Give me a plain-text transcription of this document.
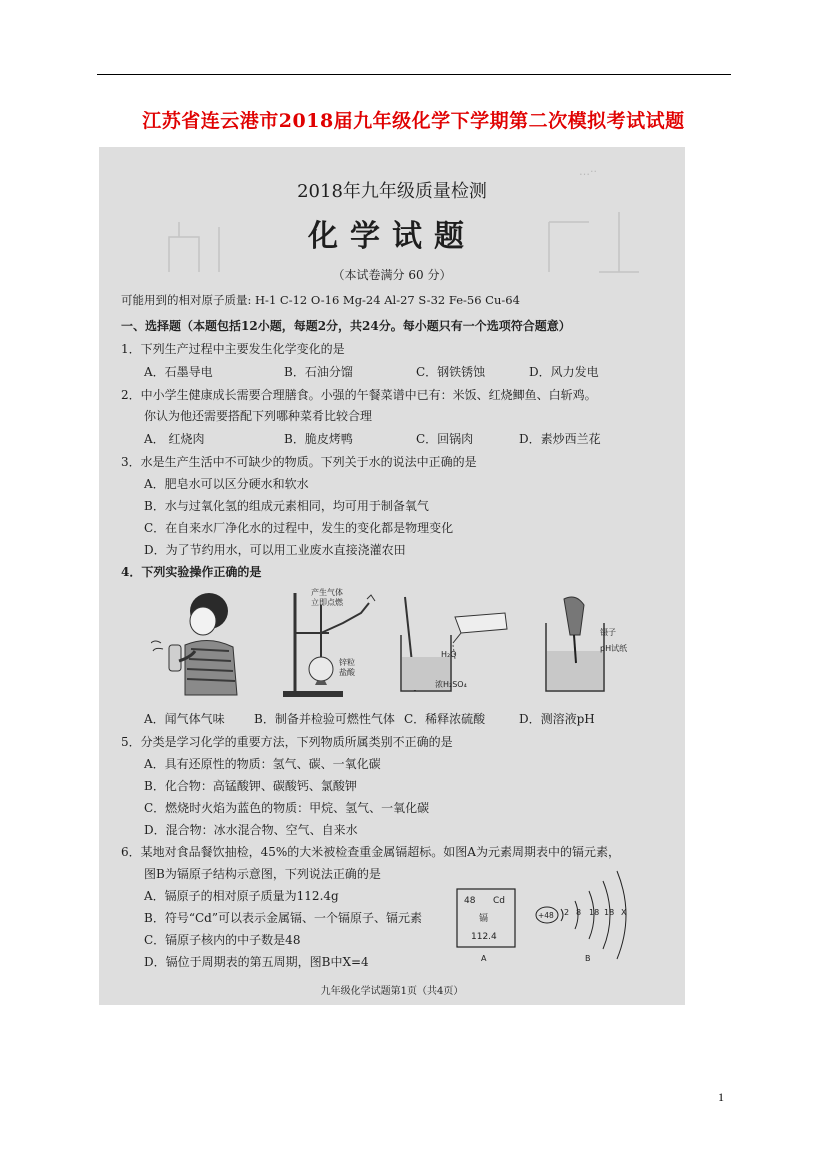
江苏省连云港市2018届九年级化学下学期第二次模拟考试试题
…··
2018年九年级质量检测
化学试题
（本试卷满分 60 分）
可能用到的相对原子质量: H-1 C-12 O-16 Mg-24 Al-27 S-32 Fe-56 Cu-64
一、选择题（本题包括12小题，每题2分，共24分。每小题只有一个选项符合题意）
1．下列生产过程中主要发生化学变化的是
A．石墨导电	B．石油分馏	C．钢铁锈蚀	D．风力发电
2．中小学生健康成长需要合理膳食。小强的午餐菜谱中已有：米饭、红烧鲫鱼、白斩鸡。
你认为他还需要搭配下列哪种菜肴比较合理
A． 红烧肉	B．脆皮烤鸭	C．回锅肉	D．素炒西兰花
3．水是生产生活中不可缺少的物质。下列关于水的说法中正确的是
A．肥皂水可以区分硬水和软水
B．水与过氧化氢的组成元素相同，均可用于制备氧气
C．在自来水厂净化水的过程中，发生的变化都是物理变化
D．为了节约用水，可以用工业废水直接浇灌农田
4．下列实验操作正确的是
产生气体
立即点燃
锌粒
盐酸
H₂O
浓H₂SO₄
镊子
pH试纸
A．闻气体气味 B．制备并检验可燃性气体 C．稀释浓硫酸	D．测溶液pH
5．分类是学习化学的重要方法，下列物质所属类别不正确的是
A．具有还原性的物质：氢气、碳、一氧化碳
B．化合物：高锰酸钾、碳酸钙、氯酸钾
C．燃烧时火焰为蓝色的物质：甲烷、氢气、一氧化碳
D．混合物：冰水混合物、空气、自来水
6．某地对食品餐饮抽检，45%的大米被检查重金属镉超标。如图A为元素周期表中的镉元素，
图B为镉原子结构示意图，下列说法正确的是
A．镉原子的相对原子质量为112.4g
B．符号“Cd”可以表示金属镉、一个镉原子、镉元素
C．镉原子核内的中子数是48
D．镉位于周期表的第五周期，图B中X=4
48 Cd
镉
112.4
A
+48 2 8 18 18 X
B
九年级化学试题第1页（共4页）
1
